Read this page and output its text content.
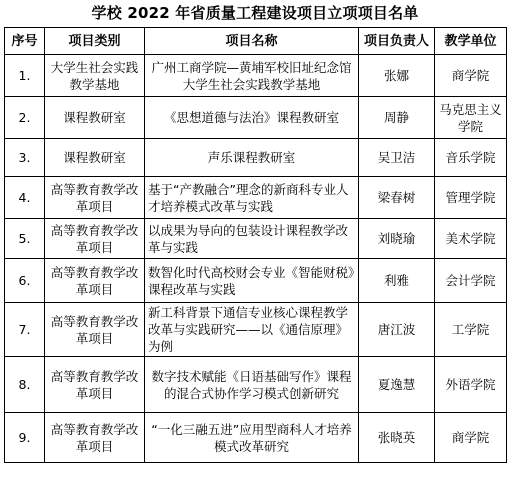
学校 2022 年省质量工程建设项目立项项目名单
序号	项目类别	项目名称	项目负责人	教学单位
1.	大学生社会实践教学基地	广州工商学院—黄埔军校旧址纪念馆大学生社会实践教学基地	张娜	商学院
2.	课程教研室	《思想道德与法治》课程教研室	周静	马克思主义学院
3.	课程教研室	声乐课程教研室	吴卫洁	音乐学院
4.	高等教育教学改革项目	基于“产教融合”理念的新商科专业人才培养模式改革与实践	梁春树	管理学院
5.	高等教育教学改革项目	以成果为导向的包装设计课程教学改革与实践	刘晓瑜	美术学院
6.	高等教育教学改革项目	数智化时代高校财会专业《智能财税》课程改革与实践	利雅	会计学院
7.	高等教育教学改革项目	新工科背景下通信专业核心课程教学改革与实践研究——以《通信原理》为例	唐江波	工学院
8.	高等教育教学改革项目	数字技术赋能《日语基础写作》课程的混合式协作学习模式创新研究	夏逸慧	外语学院
9.	高等教育教学改革项目	“一化三融五进”应用型商科人才培养模式改革研究	张晓英	商学院
